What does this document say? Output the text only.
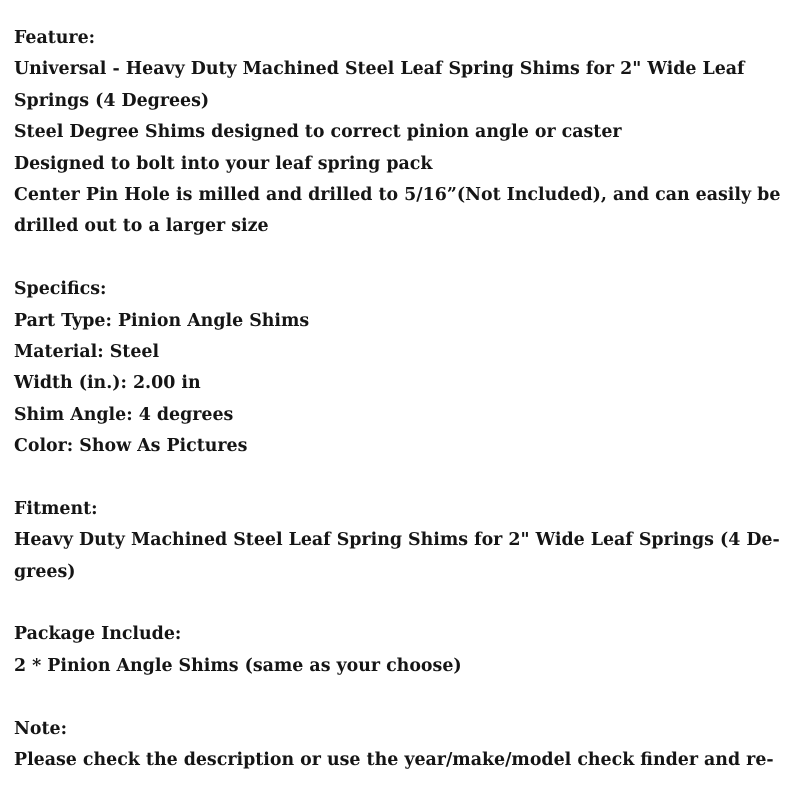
Feature:
Universal - Heavy Duty Machined Steel Leaf Spring Shims for 2" Wide Leaf
Springs (4 Degrees)
Steel Degree Shims designed to correct pinion angle or caster
Designed to bolt into your leaf spring pack
Center Pin Hole is milled and drilled to 5/16”(Not Included), and can easily be
drilled out to a larger size
Specifics:
Part Type: Pinion Angle Shims
Material: Steel
Width (in.): 2.00 in
Shim Angle: 4 degrees
Color: Show As Pictures
Fitment:
Heavy Duty Machined Steel Leaf Spring Shims for 2" Wide Leaf Springs (4 De-
grees)
Package Include:
2 * Pinion Angle Shims (same as your choose)
Note:
Please check the description or use the year/make/model check finder and re-
